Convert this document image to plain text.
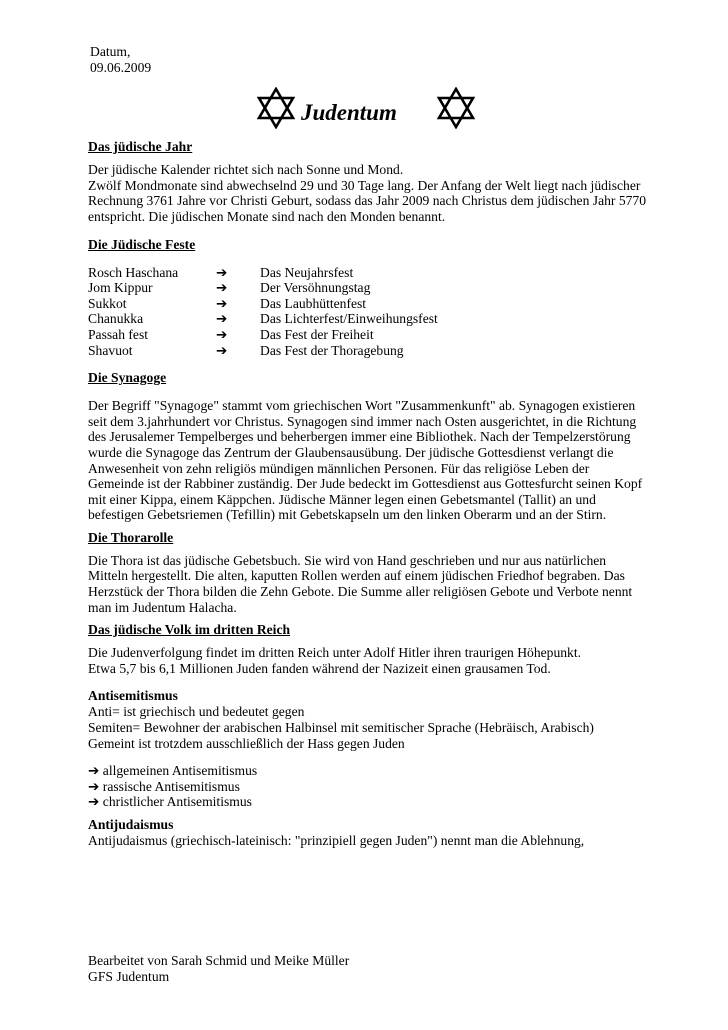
Datum,
09.06.2009
Judentum
Das jüdische Jahr

Der jüdische Kalender richtet sich nach Sonne und Mond.

Zwölf Mondmonate sind abwechselnd 29 und 30 Tage lang. Der Anfang der Welt liegt nach jüdischer

Rechnung 3761 Jahre vor Christi Geburt, sodass das Jahr 2009 nach Christus dem jüdischen Jahr 5770

entspricht. Die jüdischen Monate sind nach den Monden benannt.

Die Jüdische Feste
Rosch Haschana	➔	Das Neujahrsfest
Jom Kippur	➔	Der Versöhnungstag
Sukkot	➔	Das Laubhüttenfest
Chanukka	➔	Das Lichterfest/Einweihungsfest
Passah fest	➔	Das Fest der Freiheit
Shavuot	➔	Das Fest der Thoragebung
Die Synagoge

Der Begriff "Synagoge" stammt vom griechischen Wort "Zusammenkunft" ab. Synagogen existieren

seit dem 3.jahrhundert vor Christus. Synagogen sind immer nach Osten ausgerichtet, in die Richtung

des Jerusalemer Tempelberges und beherbergen immer eine Bibliothek. Nach der Tempelzerstörung

wurde die Synagoge das Zentrum der Glaubensausübung. Der jüdische Gottesdienst verlangt die

Anwesenheit von zehn religiös mündigen männlichen Personen. Für das religiöse Leben der

Gemeinde ist der Rabbiner zuständig. Der Jude bedeckt im Gottesdienst aus Gottesfurcht seinen Kopf

mit einer Kippa, einem Käppchen. Jüdische Männer legen einen Gebetsmantel (Tallit) an und

befestigen Gebetsriemen (Tefillin) mit Gebetskapseln um den linken Oberarm und an der Stirn.

Die Thorarolle

Die Thora ist das jüdische Gebetsbuch. Sie wird von Hand geschrieben und nur aus natürlichen

Mitteln hergestellt. Die alten, kaputten Rollen werden auf einem jüdischen Friedhof begraben. Das

Herzstück der Thora bilden die Zehn Gebote. Die Summe aller religiösen Gebote und Verbote nennt

man im Judentum Halacha.

Das jüdische Volk im dritten Reich

Die Judenverfolgung findet im dritten Reich unter Adolf Hitler ihren traurigen Höhepunkt.

Etwa 5,7 bis 6,1 Millionen Juden fanden während der Nazizeit einen grausamen Tod.

Antisemitismus

Anti= ist griechisch und bedeutet gegen

Semiten= Bewohner der arabischen Halbinsel mit semitischer Sprache (Hebräisch, Arabisch)

Gemeint ist trotzdem ausschließlich der Hass gegen Juden

➔ allgemeinen Antisemitismus

➔ rassische Antisemitismus

➔ christlicher Antisemitismus

Antijudaismus

Antijudaismus (griechisch-lateinisch: "prinzipiell gegen Juden") nennt man die Ablehnung,

Bearbeitet von Sarah Schmid und Meike Müller
GFS Judentum
